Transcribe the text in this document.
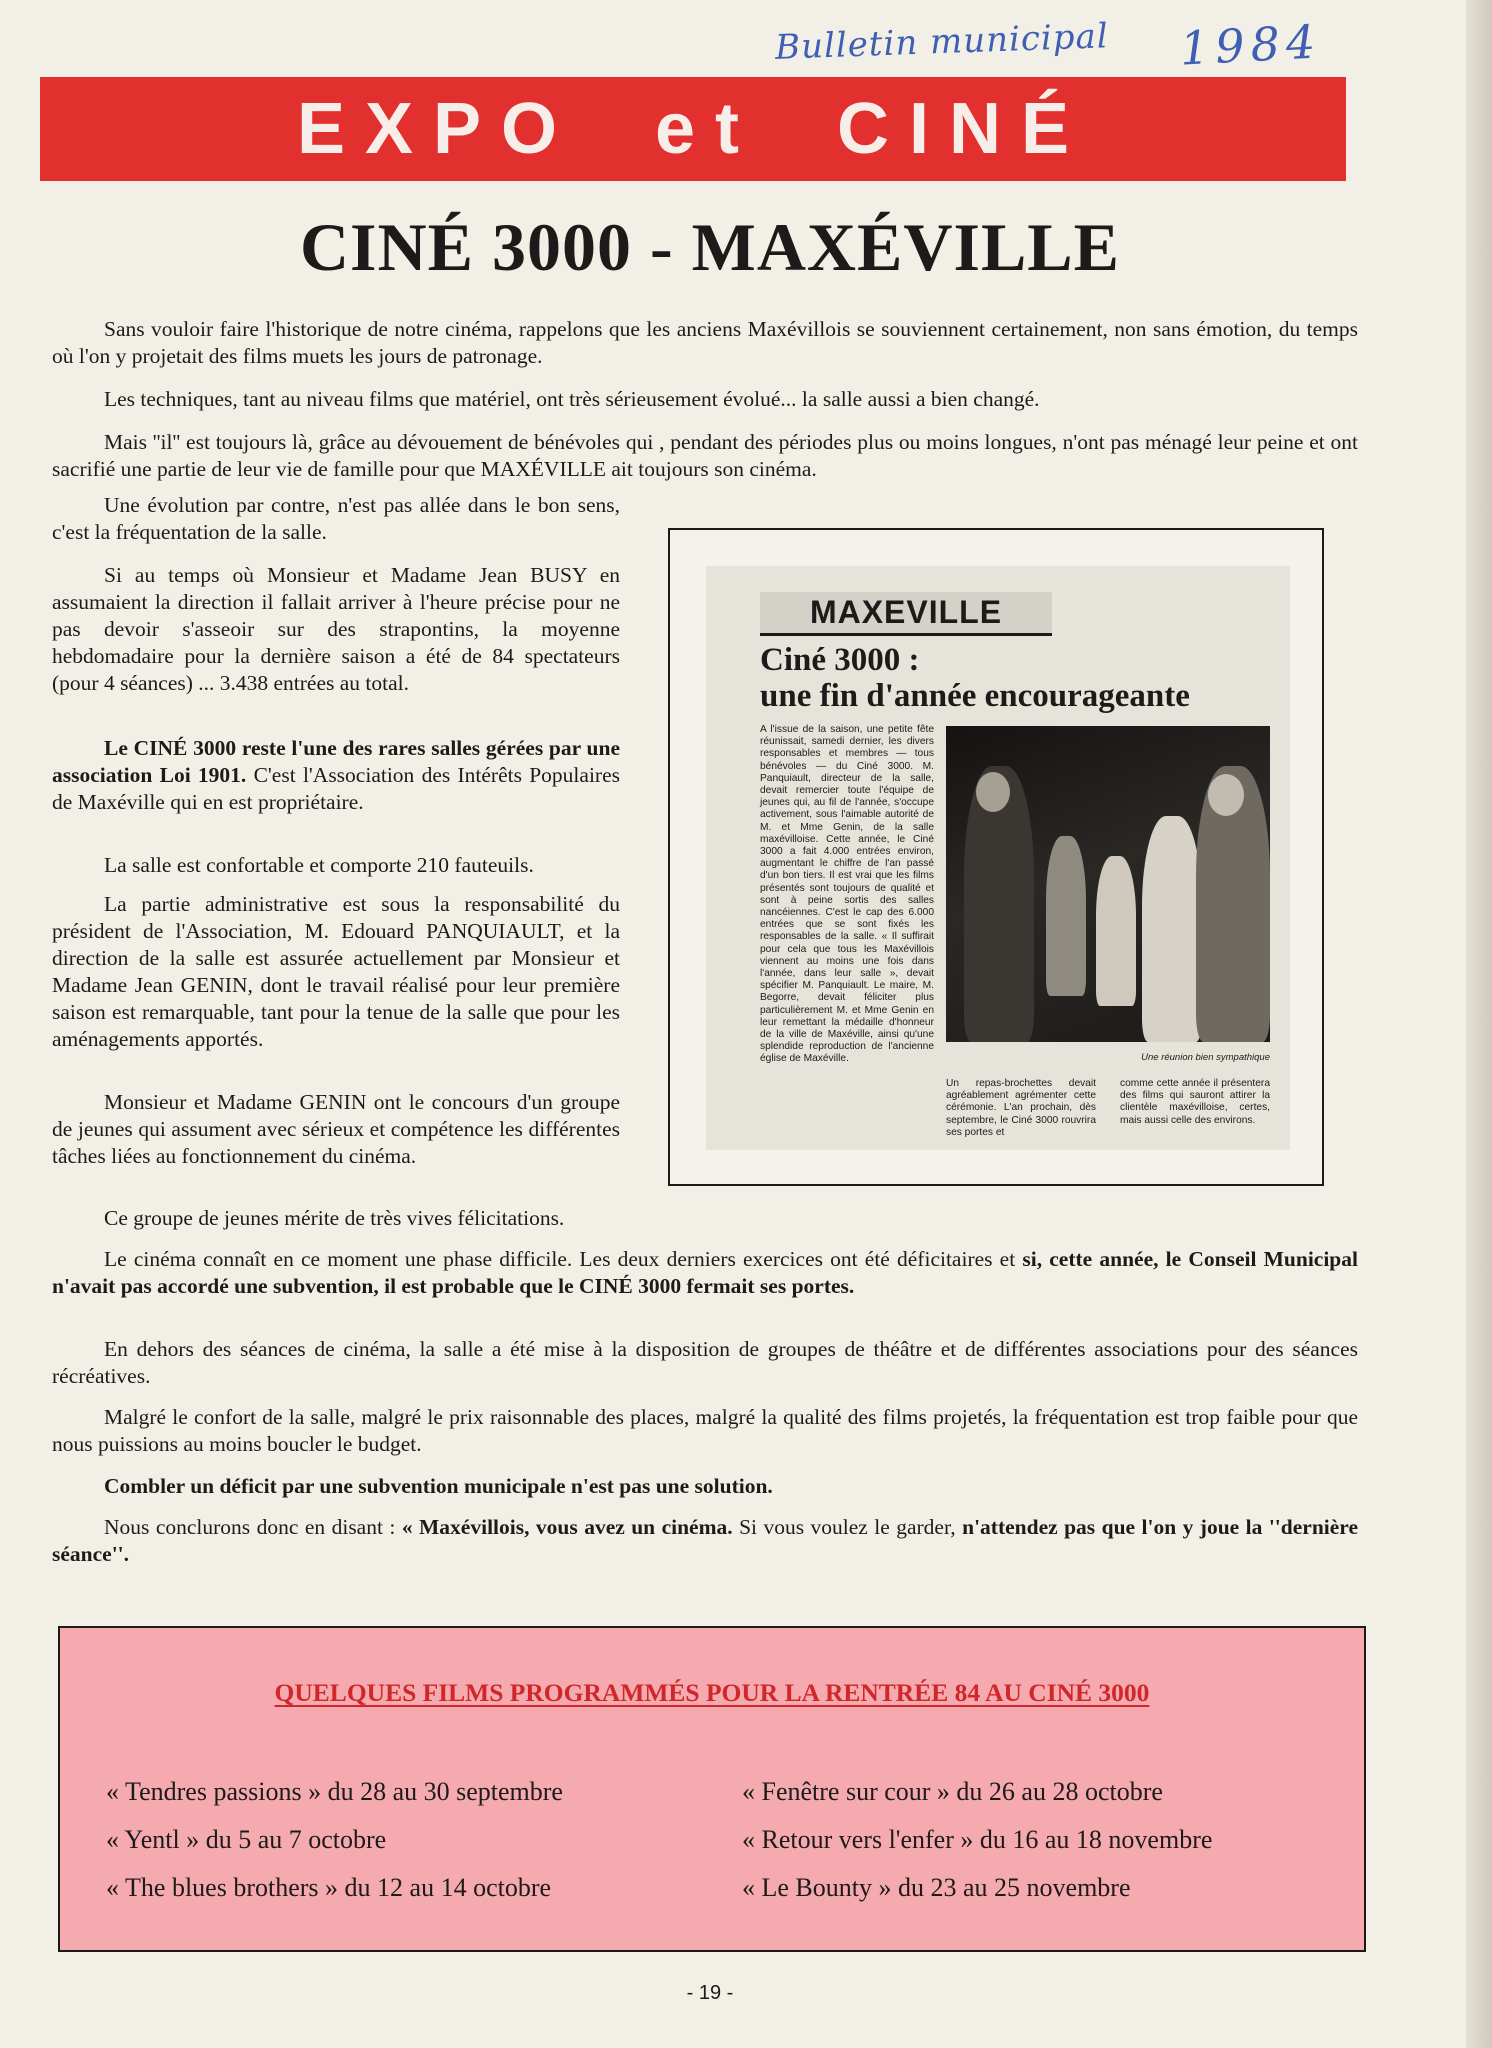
Bulletin municipal 1984
EXPO et CINÉ
CINÉ 3000 - MAXÉVILLE

Sans vouloir faire l'historique de notre cinéma, rappelons que les anciens Maxévillois se souviennent certainement, non sans émotion, du temps où l'on y projetait des films muets les jours de patronage.

Les techniques, tant au niveau films que matériel, ont très sérieusement évolué... la salle aussi a bien changé.

Mais ''il'' est toujours là, grâce au dévouement de bénévoles qui , pendant des périodes plus ou moins longues, n'ont pas ménagé leur peine et ont sacrifié une partie de leur vie de famille pour que MAXÉVILLE ait toujours son cinéma.

Une évolution par contre, n'est pas allée dans le bon sens, c'est la fréquentation de la salle.

Si au temps où Monsieur et Madame Jean BUSY en assumaient la direction il fallait arriver à l'heure précise pour ne pas devoir s'asseoir sur des strapontins, la moyenne hebdomadaire pour la dernière saison a été de 84 spectateurs (pour 4 séances) ... 3.438 entrées au total.

Le CINÉ 3000 reste l'une des rares salles gérées par une association Loi 1901. C'est l'Association des Intérêts Populaires de Maxéville qui en est propriétaire.

La salle est confortable et comporte 210 fauteuils.

La partie administrative est sous la responsabilité du président de l'Association, M. Edouard PANQUIAULT, et la direction de la salle est assurée actuellement par Monsieur et Madame Jean GENIN, dont le travail réalisé pour leur première saison est remarquable, tant pour la tenue de la salle que pour les aménagements apportés.

Monsieur et Madame GENIN ont le concours d'un groupe de jeunes qui assument avec sérieux et compétence les différentes tâches liées au fonctionnement du cinéma.

MAXEVILLE
Ciné 3000 :
une fin d'année encourageante

A l'issue de la saison, une petite fête réunissait, samedi dernier, les divers responsables et membres — tous bénévoles — du Ciné 3000. M. Panquiault, directeur de la salle, devait remercier toute l'équipe de jeunes qui, au fil de l'année, s'occupe activement, sous l'aimable autorité de M. et Mme Genin, de la salle maxévilloise. Cette année, le Ciné 3000 a fait 4.000 entrées environ, augmentant le chiffre de l'an passé d'un bon tiers. Il est vrai que les films présentés sont toujours de qualité et sont à peine sortis des salles nancéiennes. C'est le cap des 6.000 entrées que se sont fixés les responsables de la salle. « Il suffirait pour cela que tous les Maxévillois viennent au moins une fois dans l'année, dans leur salle », devait spécifier M. Panquiault. Le maire, M. Begorre, devait féliciter plus particulièrement M. et Mme Genin en leur remettant la médaille d'honneur de la ville de Maxéville, ainsi qu'une splendide reproduction de l'ancienne église de Maxéville.	Une réunion bien sympathique

Un repas-brochettes devait agréablement agrémenter cette cérémonie. L'an prochain, dès septembre, le Ciné 3000 rouvrira ses portes et

comme cette année il présentera des films qui sauront attirer la clientèle maxévilloise, certes, mais aussi celle des environs.

Ce groupe de jeunes mérite de très vives félicitations.

Le cinéma connaît en ce moment une phase difficile. Les deux derniers exercices ont été déficitaires et si, cette année, le Conseil Municipal n'avait pas accordé une subvention, il est probable que le CINÉ 3000 fermait ses portes.

En dehors des séances de cinéma, la salle a été mise à la disposition de groupes de théâtre et de différentes associations pour des séances récréatives.

Malgré le confort de la salle, malgré le prix raisonnable des places, malgré la qualité des films projetés, la fréquentation est trop faible pour que nous puissions au moins boucler le budget.

Combler un déficit par une subvention municipale n'est pas une solution.

Nous conclurons donc en disant : « Maxévillois, vous avez un cinéma. Si vous voulez le garder, n'attendez pas que l'on y joue la ''dernière séance''.

QUELQUES FILMS PROGRAMMÉS POUR LA RENTRÉE 84 AU CINÉ 3000
« Tendres passions » du 28 au 30 septembre
« Yentl » du 5 au 7 octobre
« The blues brothers » du 12 au 14 octobre
« Fenêtre sur cour » du 26 au 28 octobre
« Retour vers l'enfer » du 16 au 18 novembre
« Le Bounty » du 23 au 25 novembre
- 19 -
